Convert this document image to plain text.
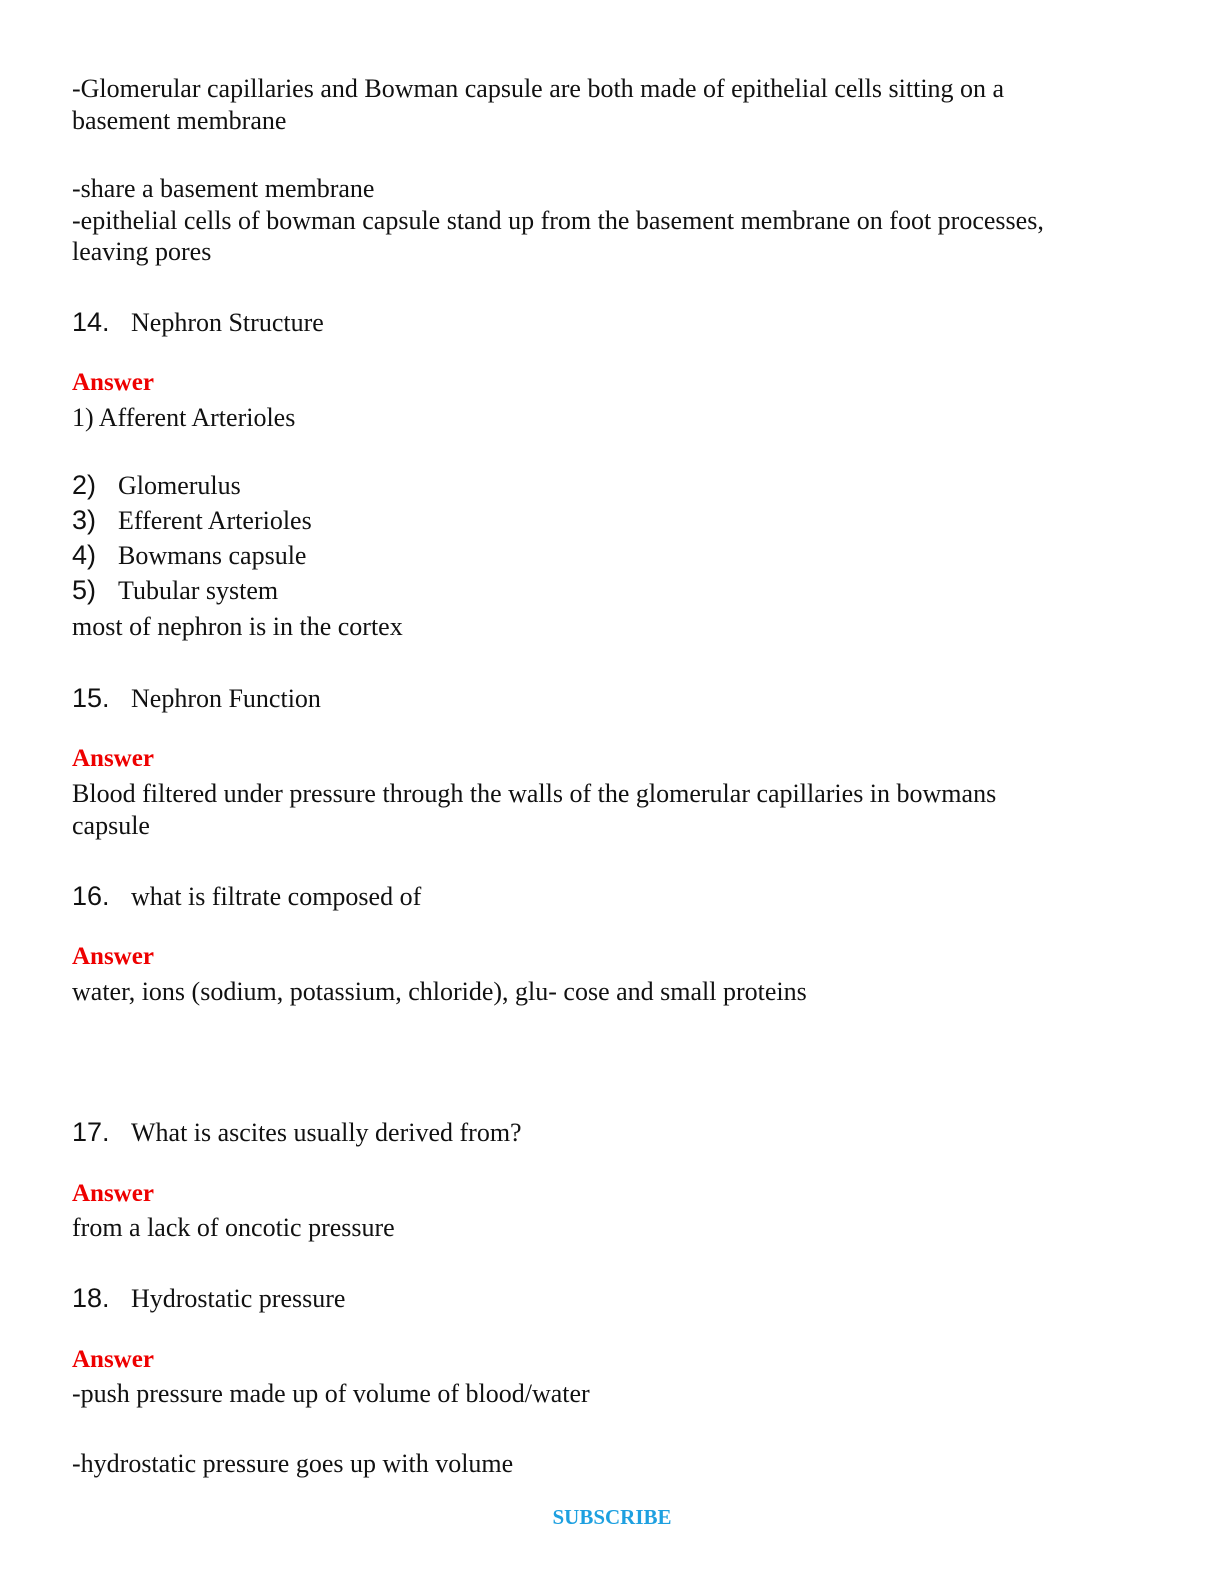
-Glomerular capillaries and Bowman capsule are both made of epithelial cells sitting on a
basement membrane
-share a basement membrane
-epithelial cells of bowman capsule stand up from the basement membrane on foot processes,
leaving pores
14. Nephron Structure
Answer
1) Afferent Arterioles
2) Glomerulus
3) Efferent Arterioles
4) Bowmans capsule
5) Tubular system
most of nephron is in the cortex
15. Nephron Function
Answer
Blood filtered under pressure through the walls of the glomerular capillaries in bowmans
capsule
16. what is filtrate composed of
Answer
water, ions (sodium, potassium, chloride), glu- cose and small proteins
17. What is ascites usually derived from?
Answer
from a lack of oncotic pressure
18. Hydrostatic pressure
Answer
-push pressure made up of volume of blood/water
-hydrostatic pressure goes up with volume
SUBSCRIBE
